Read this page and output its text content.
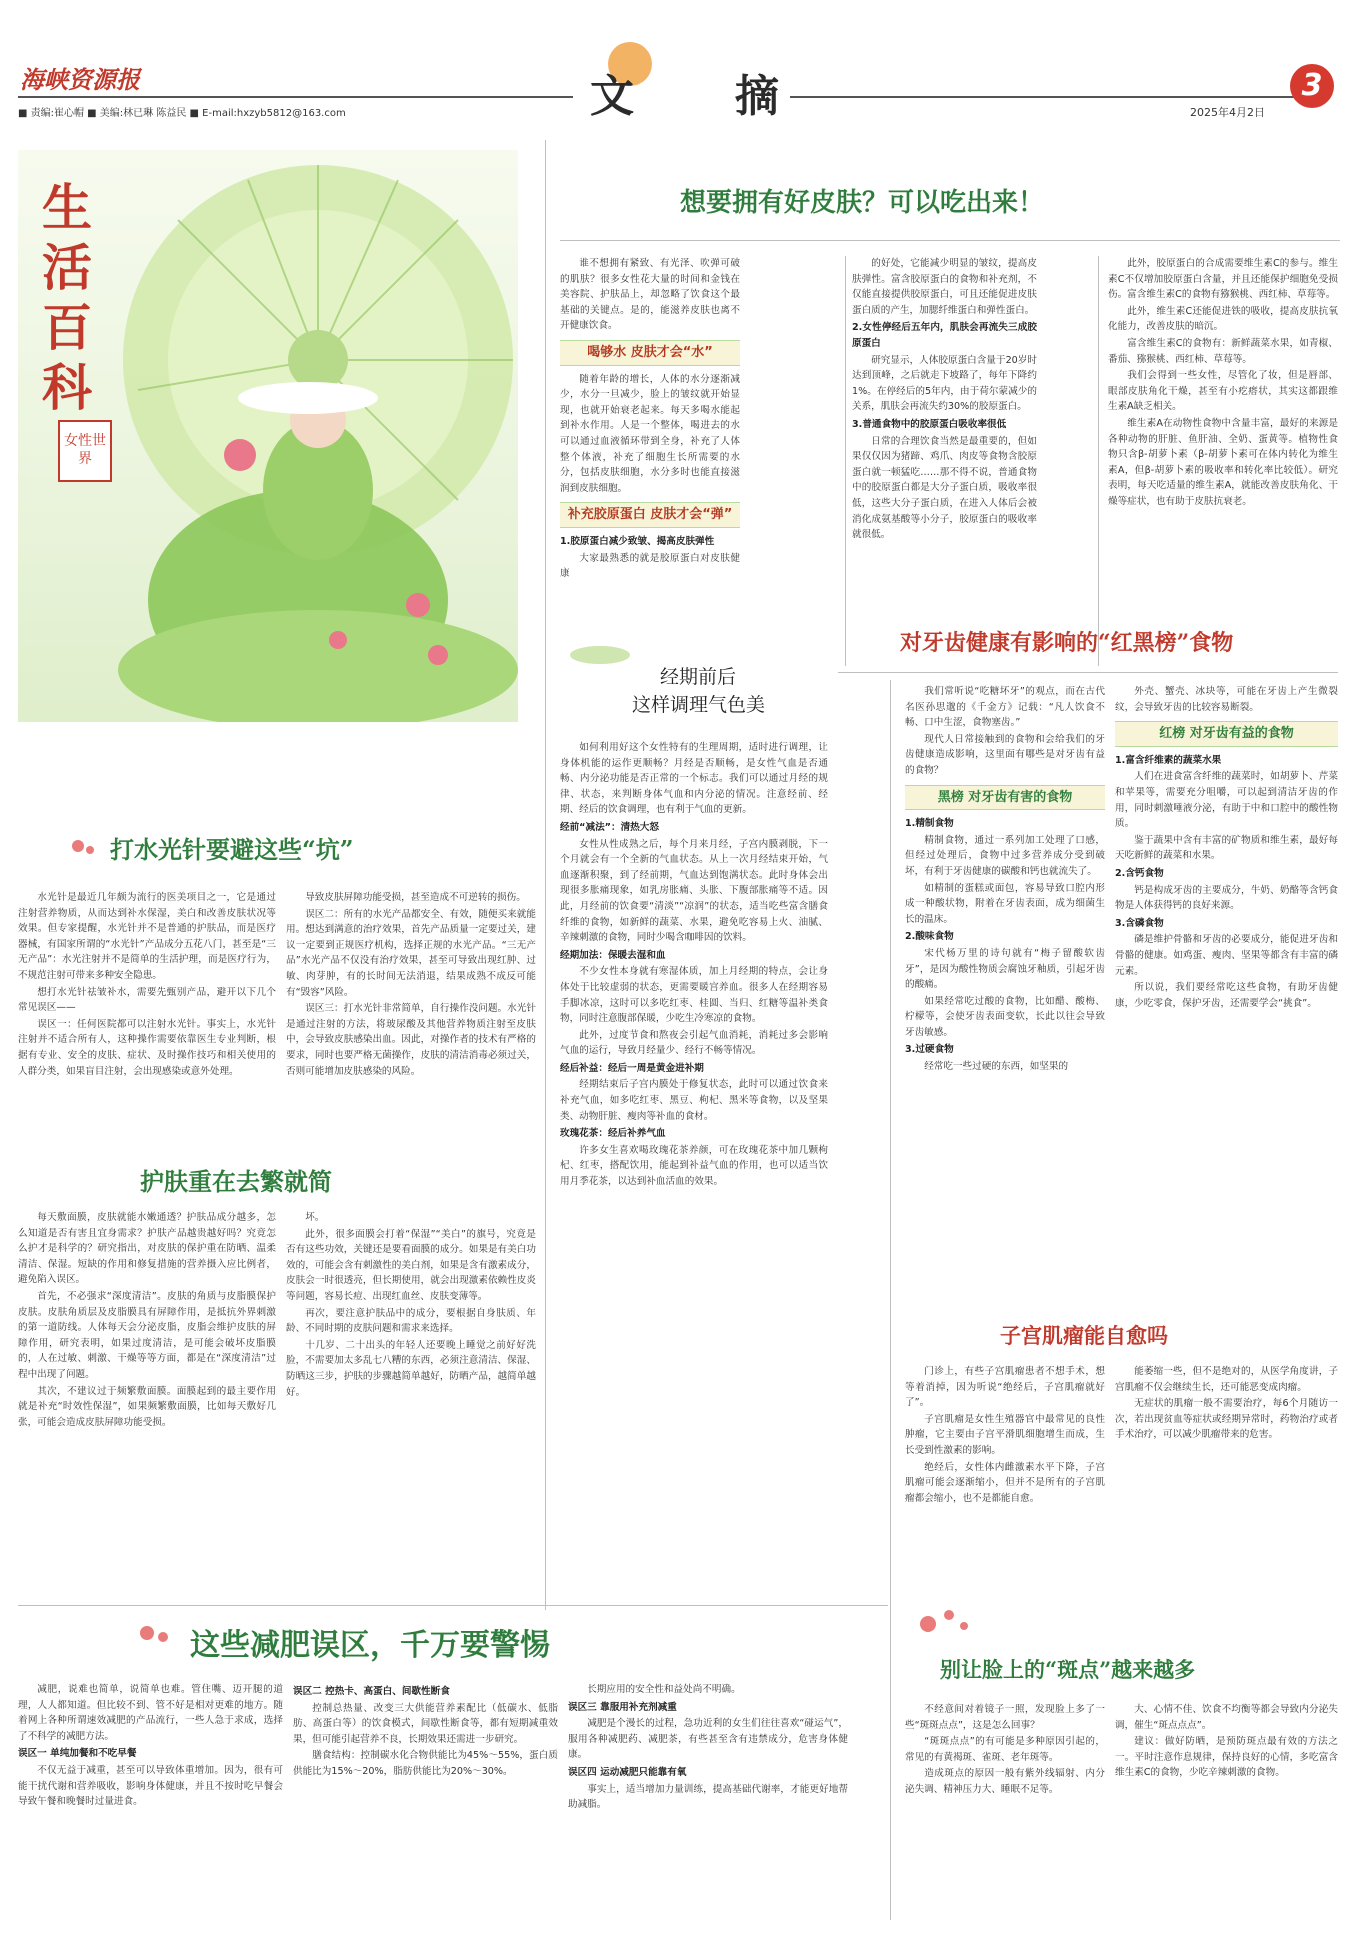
海峡资源报
■ 责编:崔心帽 ■ 美编:林已琳 陈益民 ■ E-mail:hxzyb5812@163.com	文 摘	2025年4月2日
3
生活百科
女性世界
想要拥有好皮肤？可以吃出来！

谁不想拥有紧致、有光泽、吹弹可破的肌肤？很多女性花大量的时间和金钱在美容院、护肤品上，却忽略了饮食这个最基础的关键点。是的，能滋养皮肤也离不开健康饮食。

喝够水 皮肤才会“水”

随着年龄的增长，人体的水分逐渐减少，水分一旦减少，脸上的皱纹就开始显现，也就开始衰老起来。每天多喝水能起到补水作用。人是一个整体，喝进去的水可以通过血液循环带到全身，补充了人体整个体液，补充了细胞生长所需要的水分，包括皮肤细胞，水分多时也能直接滋润到皮肤细胞。

补充胶原蛋白 皮肤才会“弹”

1.胶原蛋白减少致皱、揭高皮肤弹性

大家最熟悉的就是胶原蛋白对皮肤健康

的好处，它能减少明显的皱纹，提高皮肤弹性。富含胶原蛋白的食物和补充剂，不仅能直接提供胶原蛋白，可且还能促进皮肤蛋白质的产生，加腮纤维蛋白和弹性蛋白。

2.女性停经后五年内，肌肤会再流失三成胶原蛋白

研究显示，人体胶原蛋白含量于20岁时达到顶峰，之后就走下坡路了，每年下降约1%。在停经后的5年内，由于荷尔蒙减少的关系，肌肤会再流失约30%的胶原蛋白。

3.普通食物中的胶原蛋白吸收率很低

日常的合理饮食当然是最重要的，但如果仅仅因为猪蹄、鸡爪、肉皮等食物含胶原蛋白就一顿猛吃……那不得不说，普通食物中的胶原蛋白都是大分子蛋白质，吸收率很低，这些大分子蛋白质，在进入人体后会被消化成氨基酸等小分子，胶原蛋白的吸收率就很低。

此外，胶原蛋白的合成需要维生素C的参与。维生素C不仅增加胶原蛋白含量，并且还能保护细胞免受损伤。富含维生素C的食物有猕猴桃、西红柿、草莓等。

此外，维生素C还能促进铁的吸收，提高皮肤抗氧化能力，改善皮肤的暗沉。

富含维生素C的食物有：新鲜蔬菜水果，如青椒、番茄、猕猴桃、西红柿、草莓等。

我们会得到一些女性，尽管化了妆，但是唇部、眼部皮肤角化干燥，甚至有小疙瘩状，其实这都跟维生素A缺乏相关。

维生素A在动物性食物中含量丰富，最好的来源是各种动物的肝脏、鱼肝油、全奶、蛋黄等。植物性食物只含β-胡萝卜素（β-胡萝卜素可在体内转化为维生素A，但β-胡萝卜素的吸收率和转化率比较低）。研究表明，每天吃适量的维生素A，就能改善皮肤角化、干燥等症状，也有助于皮肤抗衰老。

打水光针要避这些“坑”

水光针是最近几年颇为流行的医美项目之一，它是通过注射营养物质，从而达到补水保湿，美白和改善皮肤状况等效果。但专家提醒，水光针并不是普通的护肤品，而是医疗器械，有国家所谓的“水光针”产品成分五花八门，甚至是“三无产品”：水光注射并不是简单的生活护理，而是医疗行为，不规范注射可带来多种安全隐患。

想打水光针祛皱补水，需要先甄别产品，避开以下几个常见误区——

误区一：任何医院都可以注射水光针。事实上，水光针注射并不适合所有人，这种操作需要依靠医生专业判断，根据有专业、安全的皮肤、症状、及时操作技巧和相关使用的人群分类，如果盲目注射，会出现感染或意外处理。

导致皮肤屏障功能受损，甚至造成不可逆转的损伤。

误区二：所有的水光产品都安全、有效，随便买来就能用。想达到满意的治疗效果，首先产品质量一定要过关，建议一定要到正规医疗机构，选择正规的水光产品。“三无产品”水光产品不仅没有治疗效果，甚至可导致出现红肿、过敏、肉芽肿，有的长时间无法消退，结果成熟不成反可能有“毁容”风险。

误区三：打水光针非常简单，自行操作没问题。水光针是通过注射的方法，将玻尿酸及其他营养物质注射至皮肤中，会导致皮肤感染出血。因此，对操作者的技术有严格的要求，同时也要严格无菌操作，皮肤的清洁消毒必须过关，否则可能增加皮肤感染的风险。

护肤重在去繁就简

每天敷面膜，皮肤就能水嫩通透？护肤品成分越多，怎么知道是否有害且宜身需求？护肤产品越贵越好吗？究竟怎么护才是科学的？研究指出，对皮肤的保护重在防晒、温柔清洁、保湿。短缺的作用和修复措施的营养摄入应比例者，避免陷入误区。

首先，不必强求“深度清洁”。皮肤的角质与皮脂膜保护皮肤。皮肤角质层及皮脂膜具有屏障作用，是抵抗外界刺激的第一道防线。人体每天会分泌皮脂，皮脂会维护皮肤的屏障作用，研究表明，如果过度清洁，是可能会破坏皮脂膜的，人在过敏、刺激、干燥等等方面，都是在“深度清洁”过程中出现了问题。

其次，不建议过于频繁敷面膜。面膜起到的最主要作用就是补充“时效性保湿”，如果频繁敷面膜，比如每天敷好几张，可能会造成皮肤屏障功能受损。

坏。

此外，很多面膜会打着“保湿”“美白”的旗号，究竟是否有这些功效，关键还是要看面膜的成分。如果是有美白功效的，可能会含有刺激性的美白剂，如果是含有激素成分，皮肤会一时很透亮，但长期使用，就会出现激素依赖性皮炎等问题，容易长痘、出现红血丝、皮肤变薄等。

再次，要注意护肤品中的成分，要根据自身肤质、年龄、不同时期的皮肤问题和需求来选择。

十几岁、二十出头的年轻人还要晚上睡觉之前好好洗脸，不需要加太多乱七八糟的东西，必须注意清洁、保湿、防晒这三步，护肤的步骤越简单越好，防晒产品，越简单越好。

经期前后
这样调理气色美

如何利用好这个女性特有的生理周期，适时进行调理，让身体机能的运作更顺畅？月经是否顺畅，是女性气血是否通畅、内分泌功能是否正常的一个标志。我们可以通过月经的规律、状态，来判断身体气血和内分泌的情况。注意经前、经期、经后的饮食调理，也有利于气血的更新。

经前“减法”：清热大怒

女性从性成熟之后，每个月来月经，子宫内膜剥脱，下一个月就会有一个全新的气血状态。从上一次月经结束开始，气血逐渐积聚，到了经前期，气血达到饱满状态。此时身体会出现很多胀痛现象，如乳房胀痛、头胀、下腹部胀痛等不适。因此，月经前的饮食要“清淡”“凉润”的状态，适当吃些富含膳食纤维的食物，如新鲜的蔬菜、水果，避免吃容易上火、油腻、辛辣刺激的食物，同时少喝含咖啡因的饮料。

经期加法：保暖去湿和血

不少女性本身就有寒湿体质，加上月经期的特点，会让身体处于比较虚弱的状态，更需要暖宫养血。很多人在经期容易手脚冰凉，这时可以多吃红枣、桂圆、当归、红糖等温补类食物，同时注意腹部保暖，少吃生冷寒凉的食物。

此外，过度节食和熬夜会引起气血消耗，消耗过多会影响气血的运行，导致月经量少、经行不畅等情况。

经后补益：经后一周是黄金进补期

经期结束后子宫内膜处于修复状态，此时可以通过饮食来补充气血，如多吃红枣、黑豆、枸杞、黑米等食物，以及坚果类、动物肝脏、瘦肉等补血的食材。

玫瑰花茶：经后补养气血

许多女生喜欢喝玫瑰花茶养颜，可在玫瑰花茶中加几颗枸杞、红枣，搭配饮用，能起到补益气血的作用，也可以适当饮用月季花茶，以达到补血活血的效果。

对牙齿健康有影响的“红黑榜”食物

我们常听说“吃糖坏牙”的观点，而在古代名医孙思邈的《千金方》记载：“凡人饮食不畅、口中生涩，食物塞齿。”

现代人日常接触到的食物和会给我们的牙齿健康造成影响，这里面有哪些是对牙齿有益的食物？

黑榜 对牙齿有害的食物

1.精制食物

精制食物，通过一系列加工处理了口感，但经过处理后，食物中过多营养成分受到破坏，有利于牙齿健康的碳酸和钙也就流失了。

如精制的蛋糕或面包，容易导致口腔内形成一种酸状物，附着在牙齿表面，成为细菌生长的温床。

2.酸味食物

宋代杨万里的诗句就有“梅子留酸软齿牙”，是因为酸性物质会腐蚀牙釉质，引起牙齿的酸痛。

如果经常吃过酸的食物，比如醋、酸梅、柠檬等，会使牙齿表面变软，长此以往会导致牙齿敏感。

3.过硬食物

经常吃一些过硬的东西，如坚果的

外壳、蟹壳、冰块等，可能在牙齿上产生微裂纹，会导致牙齿的比较容易断裂。

红榜 对牙齿有益的食物

1.富含纤维素的蔬菜水果

人们在进食富含纤维的蔬菜时，如胡萝卜、芹菜和苹果等，需要充分咀嚼，可以起到清洁牙齿的作用，同时刺激唾液分泌，有助于中和口腔中的酸性物质。

鉴于蔬果中含有丰富的矿物质和维生素，最好每天吃新鲜的蔬菜和水果。

2.含钙食物

钙是构成牙齿的主要成分，牛奶、奶酪等含钙食物是人体获得钙的良好来源。

3.含磷食物

磷是维护骨骼和牙齿的必要成分，能促进牙齿和骨骼的健康。如鸡蛋、瘦肉、坚果等都含有丰富的磷元素。

所以说，我们要经常吃这些食物，有助牙齿健康，少吃零食，保护牙齿，还需要学会“挑食”。

子宫肌瘤能自愈吗

门诊上，有些子宫肌瘤患者不想手术，想等着消掉，因为听说“绝经后，子宫肌瘤就好了”。

子宫肌瘤是女性生殖器官中最常见的良性肿瘤，它主要由子宫平滑肌细胞增生而成，生长受到性激素的影响。

绝经后，女性体内雌激素水平下降，子宫肌瘤可能会逐渐缩小，但并不是所有的子宫肌瘤都会缩小，也不是都能自愈。

能萎缩一些，但不是绝对的，从医学角度讲，子宫肌瘤不仅会继续生长，还可能恶变成肉瘤。

无症状的肌瘤一般不需要治疗，每6个月随访一次，若出现贫血等症状或经期异常时，药物治疗或者手术治疗，可以减少肌瘤带来的危害。

这些减肥误区，千万要警惕

减肥，说难也简单，说简单也难。管住嘴、迈开腿的道理，人人都知道。但比较不到、管不好是相对更难的地方。随着网上各种所谓速效减肥的产品流行，一些人急于求成，选择了不科学的减肥方法。

误区一 单纯加餐和不吃早餐

不仅无益于减重，甚至可以导致体重增加。因为，很有可能干扰代谢和营养吸收，影响身体健康，并且不按时吃早餐会导致午餐和晚餐时过量进食。

误区二 控热卡、高蛋白、间歇性断食

控制总热量、改变三大供能营养素配比（低碳水、低脂肪、高蛋白等）的饮食模式，间歇性断食等，都有短期减重效果，但可能引起营养不良，长期效果还需进一步研究。

膳食结构：控制碳水化合物供能比为45%～55%，蛋白质供能比为15%～20%，脂肪供能比为20%～30%。

长期应用的安全性和益处尚不明确。

误区三 靠服用补充剂减重

减肥是个漫长的过程，急功近利的女生们往往喜欢“碰运气”，服用各种减肥药、减肥茶，有些甚至含有违禁成分，危害身体健康。

误区四 运动减肥只能靠有氧

事实上，适当增加力量训练，提高基础代谢率，才能更好地帮助减脂。

别让脸上的“斑点”越来越多

不经意间对着镜子一照，发现脸上多了一些“斑斑点点”，这是怎么回事？

“斑斑点点”的有可能是多种原因引起的，常见的有黄褐斑、雀斑、老年斑等。

造成斑点的原因一般有紫外线辐射、内分泌失调、精神压力大、睡眠不足等。

大、心情不佳、饮食不均衡等都会导致内分泌失调，催生“斑点点点”。

建议：做好防晒，是预防斑点最有效的方法之一。平时注意作息规律，保持良好的心情，多吃富含维生素C的食物，少吃辛辣刺激的食物。
